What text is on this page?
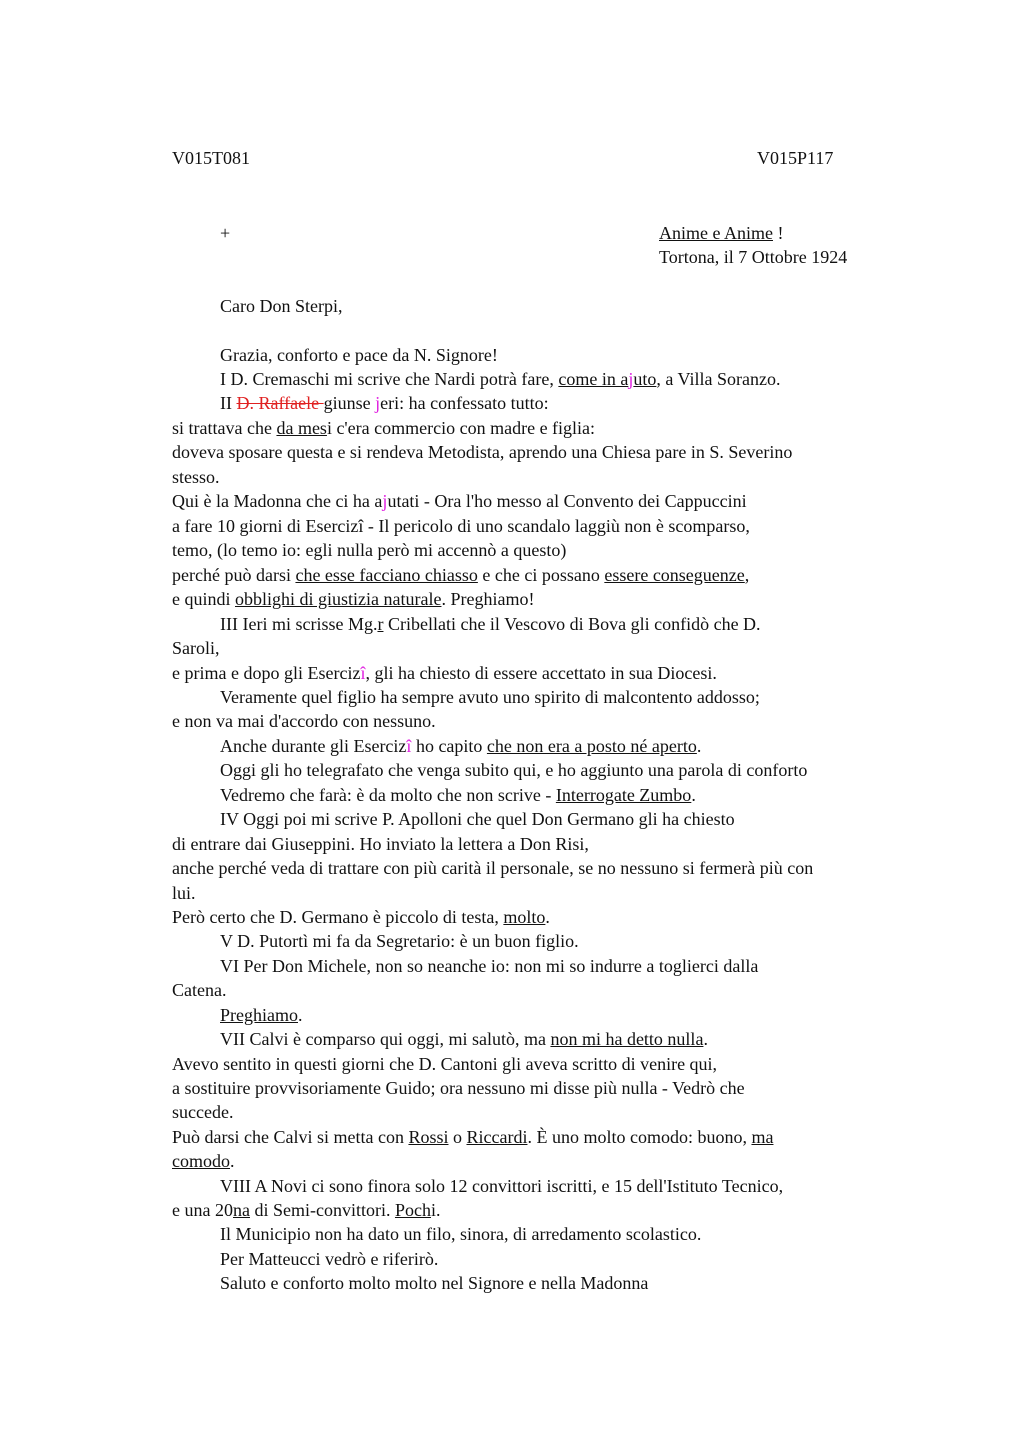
V015T081	V015P117
+	Anime e Anime !
Tortona, il 7 Ottobre 1924
Caro Don Sterpi,
Grazia, conforto e pace da N. Signore!
I D. Cremaschi mi scrive che Nardi potrà fare, come in ajuto, a Villa Soranzo.
II D. Raffaele giunse jeri: ha confessato tutto:
si trattava che da mesi c'era commercio con madre e figlia:
doveva sposare questa e si rendeva Metodista, aprendo una Chiesa pare in S. Severino
stesso.
Qui è la Madonna che ci ha ajutati - Ora l'ho messo al Convento dei Cappuccini
a fare 10 giorni di Esercizî - Il pericolo di uno scandalo laggiù non è scomparso,
temo, (lo temo io: egli nulla però mi accennò a questo)
perché può darsi che esse facciano chiasso e che ci possano essere conseguenze,
e quindi obblighi di giustizia naturale. Preghiamo!
III Ieri mi scrisse Mg.r Cribellati che il Vescovo di Bova gli confidò che D.
Saroli,
e prima e dopo gli Esercizî, gli ha chiesto di essere accettato in sua Diocesi.
Veramente quel figlio ha sempre avuto uno spirito di malcontento addosso;
e non va mai d'accordo con nessuno.
Anche durante gli Esercizî ho capito che non era a posto né aperto.
Oggi gli ho telegrafato che venga subito qui, e ho aggiunto una parola di conforto
Vedremo che farà: è da molto che non scrive - Interrogate Zumbo.
IV Oggi poi mi scrive P. Apolloni che quel Don Germano gli ha chiesto
di entrare dai Giuseppini. Ho inviato la lettera a Don Risi,
anche perché veda di trattare con più carità il personale, se no nessuno si fermerà più con
lui.
Però certo che D. Germano è piccolo di testa, molto.
V D. Putortì mi fa da Segretario: è un buon figlio.
VI Per Don Michele, non so neanche io: non mi so indurre a toglierci dalla
Catena.
Preghiamo.
VII Calvi è comparso qui oggi, mi salutò, ma non mi ha detto nulla.
Avevo sentito in questi giorni che D. Cantoni gli aveva scritto di venire qui,
a sostituire provvisoriamente Guido; ora nessuno mi disse più nulla - Vedrò che
succede.
Può darsi che Calvi si metta con Rossi o Riccardi. È uno molto comodo: buono, ma
comodo.
VIII A Novi ci sono finora solo 12 convittori iscritti, e 15 dell'Istituto Tecnico,
e una 20na di Semi-convittori. Pochi.
Il Municipio non ha dato un filo, sinora, di arredamento scolastico.
Per Matteucci vedrò e riferirò.
Saluto e conforto molto molto nel Signore e nella Madonna
